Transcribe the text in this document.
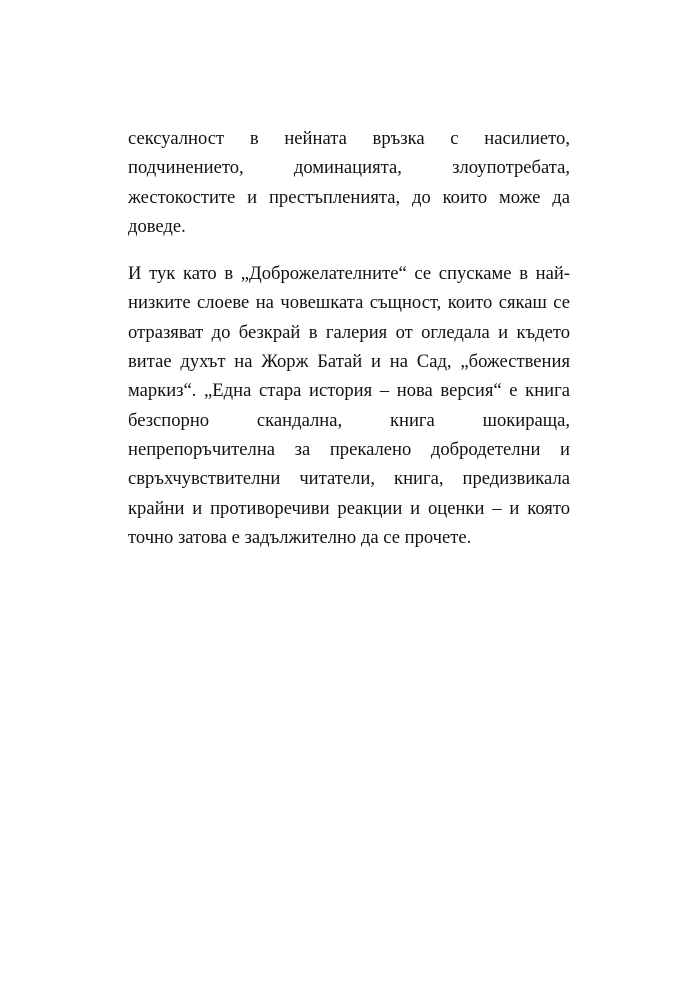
сексуалност в нейната връзка с насилието,
подчинението, доминацията, злоупотребата,
жестокостите и престъпленията, до които може да
доведе.
И тук като в „Доброжелателните“ се спускаме в най-
низките слоеве на човешката същност, които сякаш се
отразяват до безкрай в галерия от огледала и където
витае духът на Жорж Батай и на Сад, „божествения
маркиз“. „Една стара история – нова версия“ е книга
безспорно скандална, книга шокираща,
непрепоръчителна за прекалено добродетелни и
свръхчувствителни читатели, книга, предизвикала
крайни и противоречиви реакции и оценки – и която
точно затова е задължително да се прочете.
